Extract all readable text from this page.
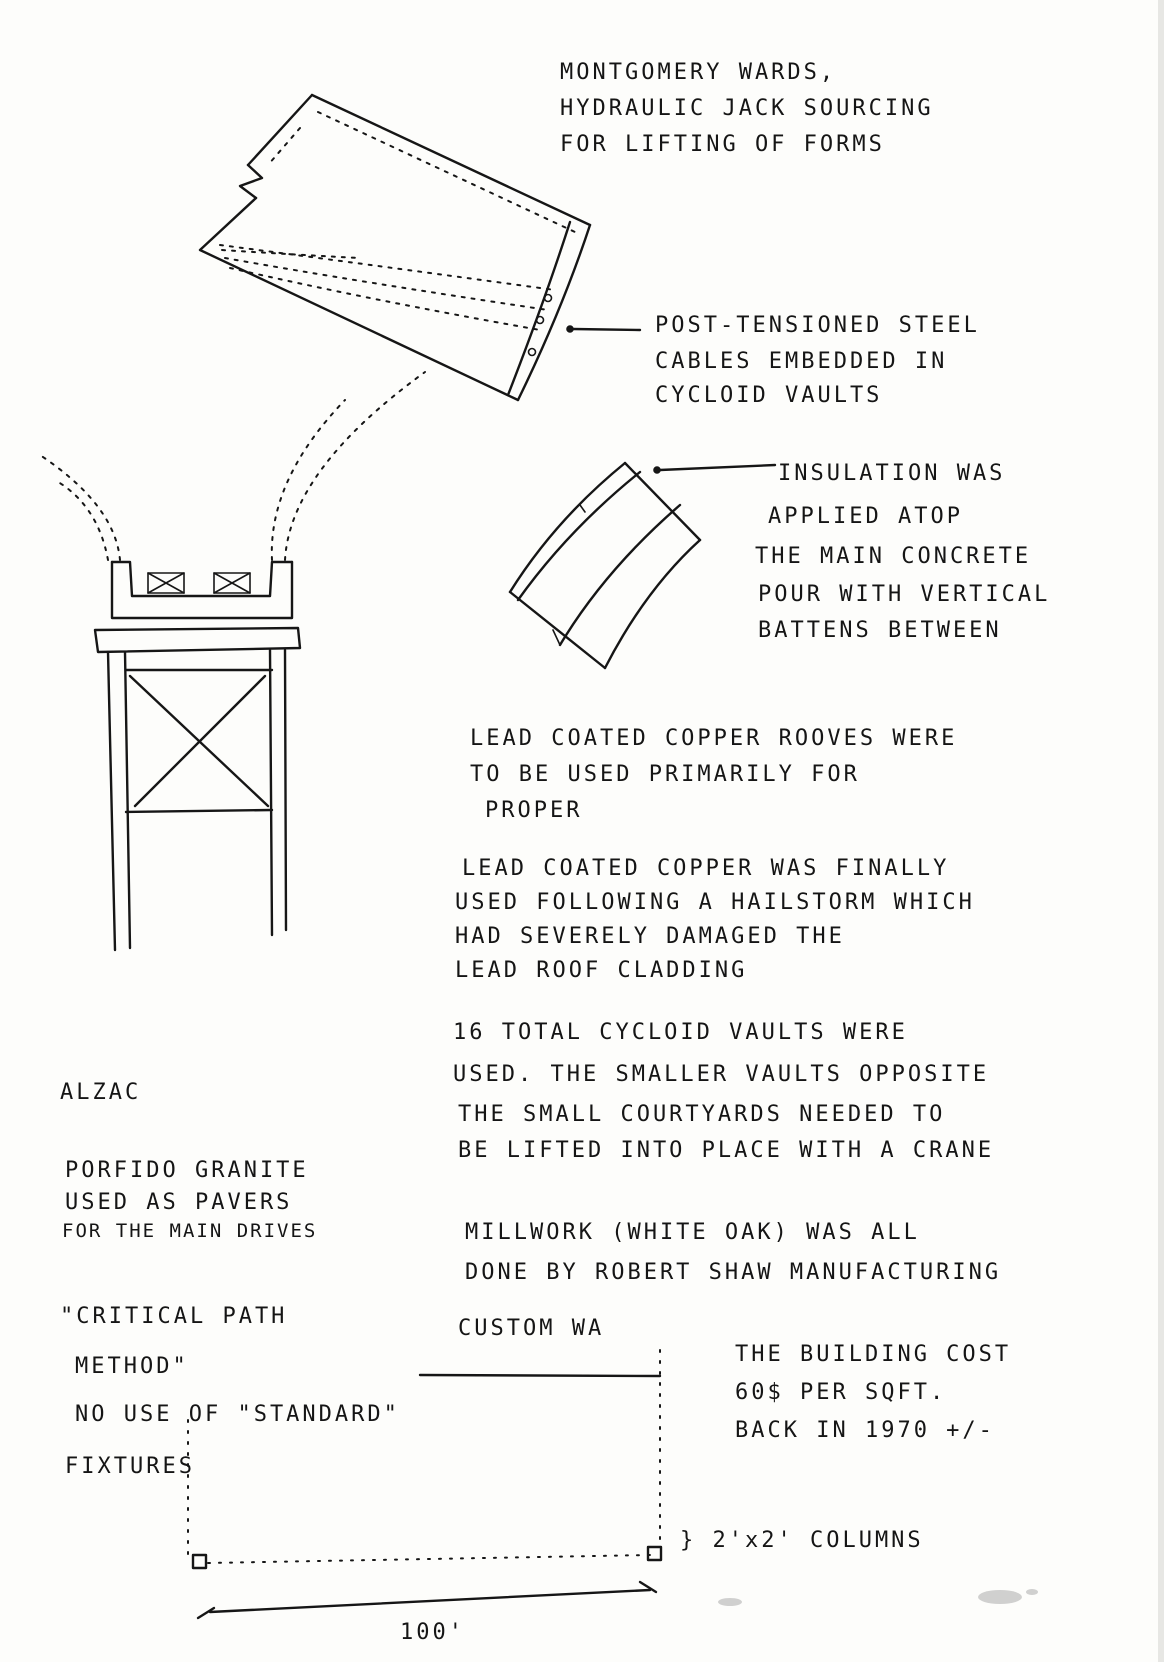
MONTGOMERY WARDS,

HYDRAULIC JACK SOURCING

FOR LIFTING OF FORMS

POST-TENSIONED STEEL

CABLES EMBEDDED IN

CYCLOID VAULTS

INSULATION WAS

APPLIED ATOP

THE MAIN CONCRETE

POUR WITH VERTICAL

BATTENS BETWEEN

LEAD COATED COPPER ROOVES WERE

TO BE USED PRIMARILY FOR

PROPER

LEAD COATED COPPER WAS FINALLY

USED FOLLOWING A HAILSTORM WHICH

HAD SEVERELY DAMAGED THE

LEAD ROOF CLADDING

16 TOTAL CYCLOID VAULTS WERE

USED. THE SMALLER VAULTS OPPOSITE

THE SMALL COURTYARDS NEEDED TO

BE LIFTED INTO PLACE WITH A CRANE

ALZAC

PORFIDO GRANITE

USED AS PAVERS

FOR THE MAIN DRIVES	MILLWORK (WHITE OAK) WAS ALL

DONE BY ROBERT SHAW MANUFACTURING

CUSTOM WA

"CRITICAL PATH

METHOD"

NO USE OF "STANDARD"

FIXTURES

THE BUILDING COST

60$ PER SQFT.

BACK IN 1970 +/-

} 2'x2' COLUMNS

100'
